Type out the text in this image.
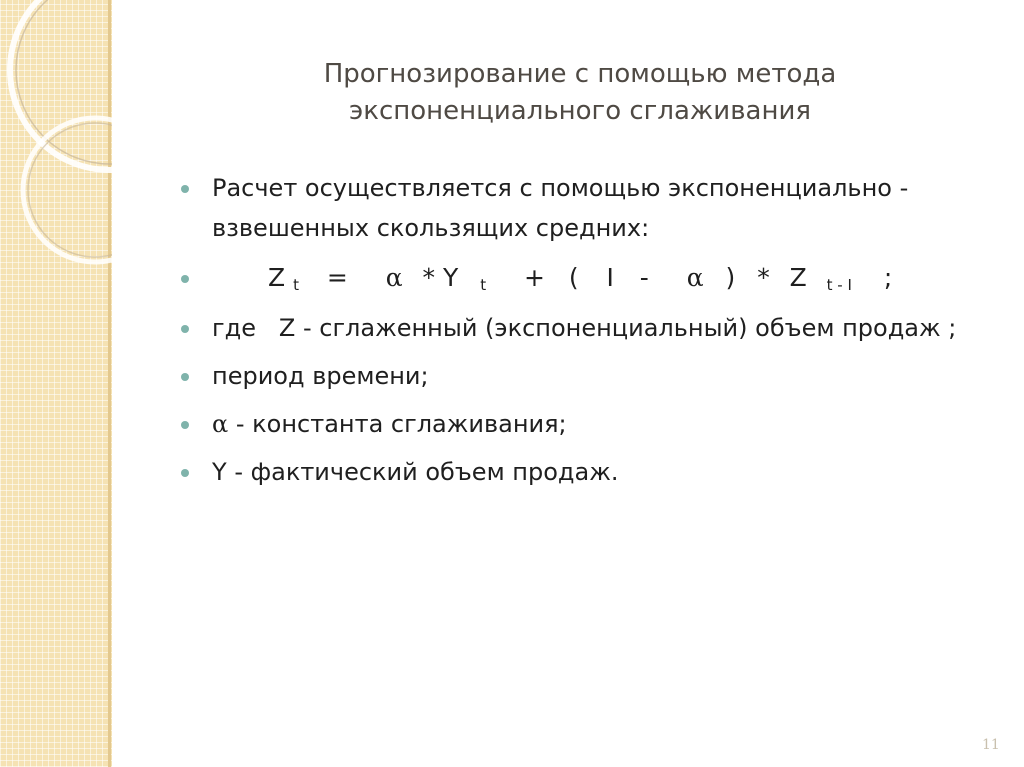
Прогнозирование с помощью метода
экспоненциального сглаживания
Расчет осуществляется с помощью экспоненциально - взвешенных скользящих средних:
Z t = α * Y t + ( I - α ) * Z t - I ;
где Z - сглаженный (экспоненциальный) объем продаж ;
период времени;
α - константа сглаживания;
Y - фактический объем продаж.
11
